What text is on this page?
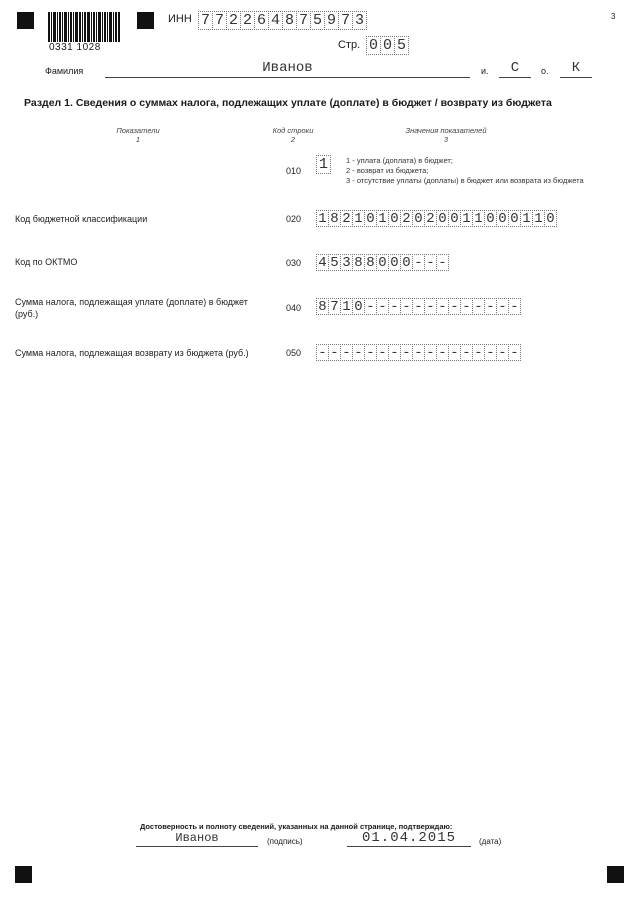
0331 1028
3
ИНН 7 7 2 2 6 4 8 7 5 9 7 3
Стр. 0 0 5
Фамилия	Иванов	и.	С	о.	К
Раздел 1. Сведения о суммах налога, подлежащих уплате (доплате) в бюджет / возврату из бюджета
Показатели
1
Код строки
2
Значения показателей
3
010 1	1 - уплата (доплата) в бюджет;
2 - возврат из бюджета;
3 - отсутствие уплаты (доплаты) в бюджет или возврата из бюджета
Код бюджетной классификации	020 1 8 2 1 0 1 0 2 0 2 0 0 1 1 0 0 0 1 1 0
Код по ОКТМО	030 4 5 3 8 8 0 0 0 - - -
Сумма налога, подлежащая уплате (доплате) в бюджет
(руб.)
040 8 7 1 0 - - - - - - - - - - - - -
Сумма налога, подлежащая возврату из бюджета (руб.)	050 - - - - - - - - - - - - - - - - -
Достоверность и полноту сведений, указанных на данной странице, подтверждаю:
Иванов	(подпись)	01.04.2015	(дата)
